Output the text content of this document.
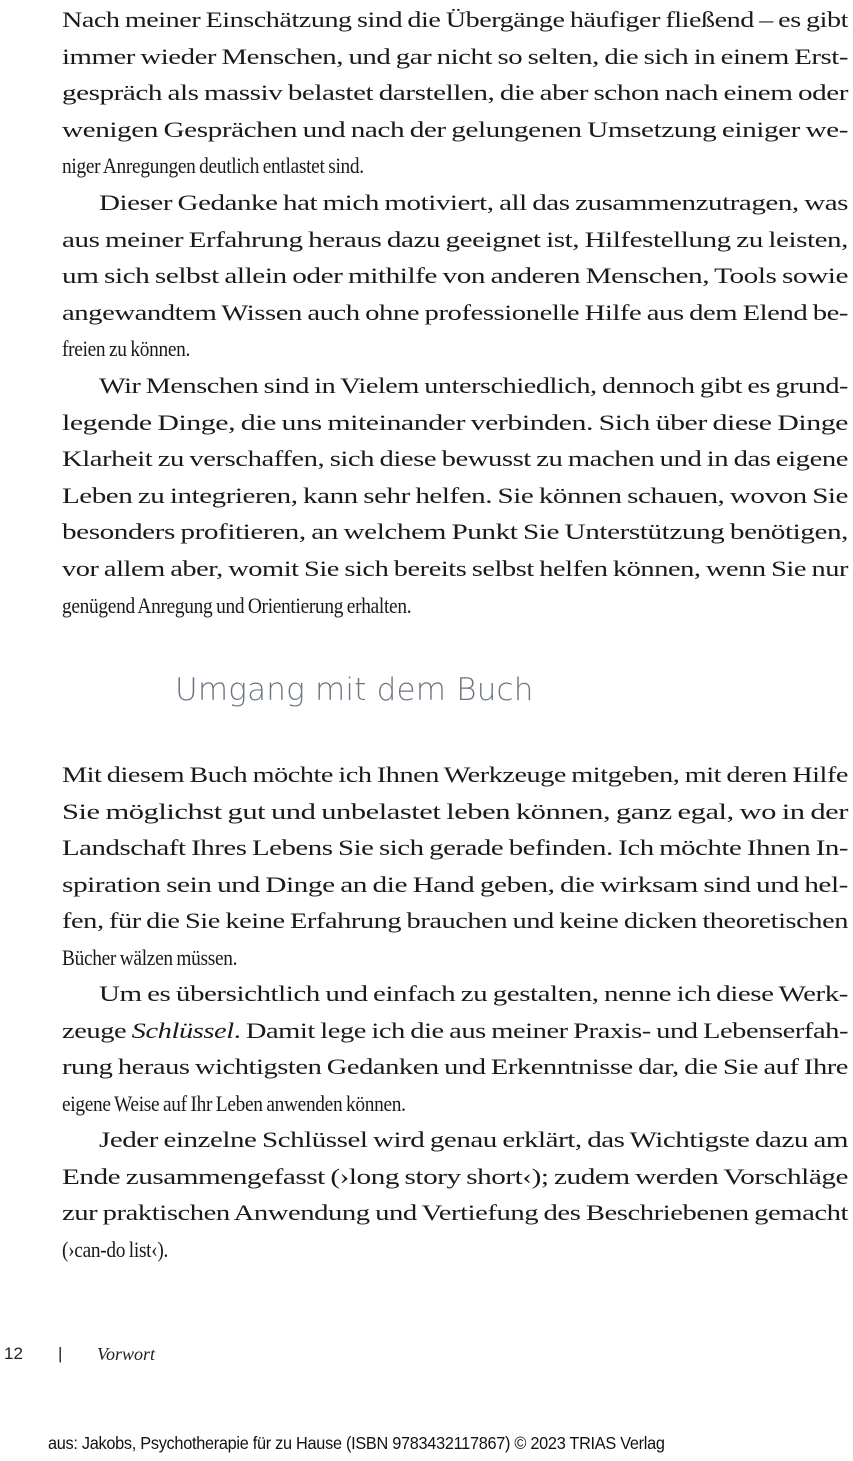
Nach meiner Einschätzung sind die Übergänge häufiger fließend – es gibt
immer wieder Menschen, und gar nicht so selten, die sich in einem Erst-
gespräch als massiv belastet darstellen, die aber schon nach einem oder
wenigen Gesprächen und nach der gelungenen Umsetzung einiger we-
niger Anregungen deutlich entlastet sind.
Dieser Gedanke hat mich motiviert, all das zusammenzutragen, was
aus meiner Erfahrung heraus dazu geeignet ist, Hilfestellung zu leisten,
um sich selbst allein oder mithilfe von anderen Menschen, Tools sowie
angewandtem Wissen auch ohne professionelle Hilfe aus dem Elend be-
freien zu können.
Wir Menschen sind in Vielem unterschiedlich, dennoch gibt es grund-
legende Dinge, die uns miteinander verbinden. Sich über diese Dinge
Klarheit zu verschaffen, sich diese bewusst zu machen und in das eigene
Leben zu integrieren, kann sehr helfen. Sie können schauen, wovon Sie
besonders profitieren, an welchem Punkt Sie Unterstützung benötigen,
vor allem aber, womit Sie sich bereits selbst helfen können, wenn Sie nur
genügend Anregung und Orientierung erhalten.
Umgang mit dem Buch
Mit diesem Buch möchte ich Ihnen Werkzeuge mitgeben, mit deren Hilfe
Sie möglichst gut und unbelastet leben können, ganz egal, wo in der
Landschaft Ihres Lebens Sie sich gerade befinden. Ich möchte Ihnen In-
spiration sein und Dinge an die Hand geben, die wirksam sind und hel-
fen, für die Sie keine Erfahrung brauchen und keine dicken theoretischen
Bücher wälzen müssen.
Um es übersichtlich und einfach zu gestalten, nenne ich diese Werk-
zeuge Schlüssel. Damit lege ich die aus meiner Praxis- und Lebenserfah-
rung heraus wichtigsten Gedanken und Erkenntnisse dar, die Sie auf Ihre
eigene Weise auf Ihr Leben anwenden können.
Jeder einzelne Schlüssel wird genau erklärt, das Wichtigste dazu am
Ende zusammengefasst (›long story short‹); zudem werden Vorschläge
zur praktischen Anwendung und Vertiefung des Beschriebenen gemacht
(›can-do list‹).
12 | Vorwort
aus: Jakobs, Psychotherapie für zu Hause (ISBN 9783432117867) © 2023 TRIAS Verlag
